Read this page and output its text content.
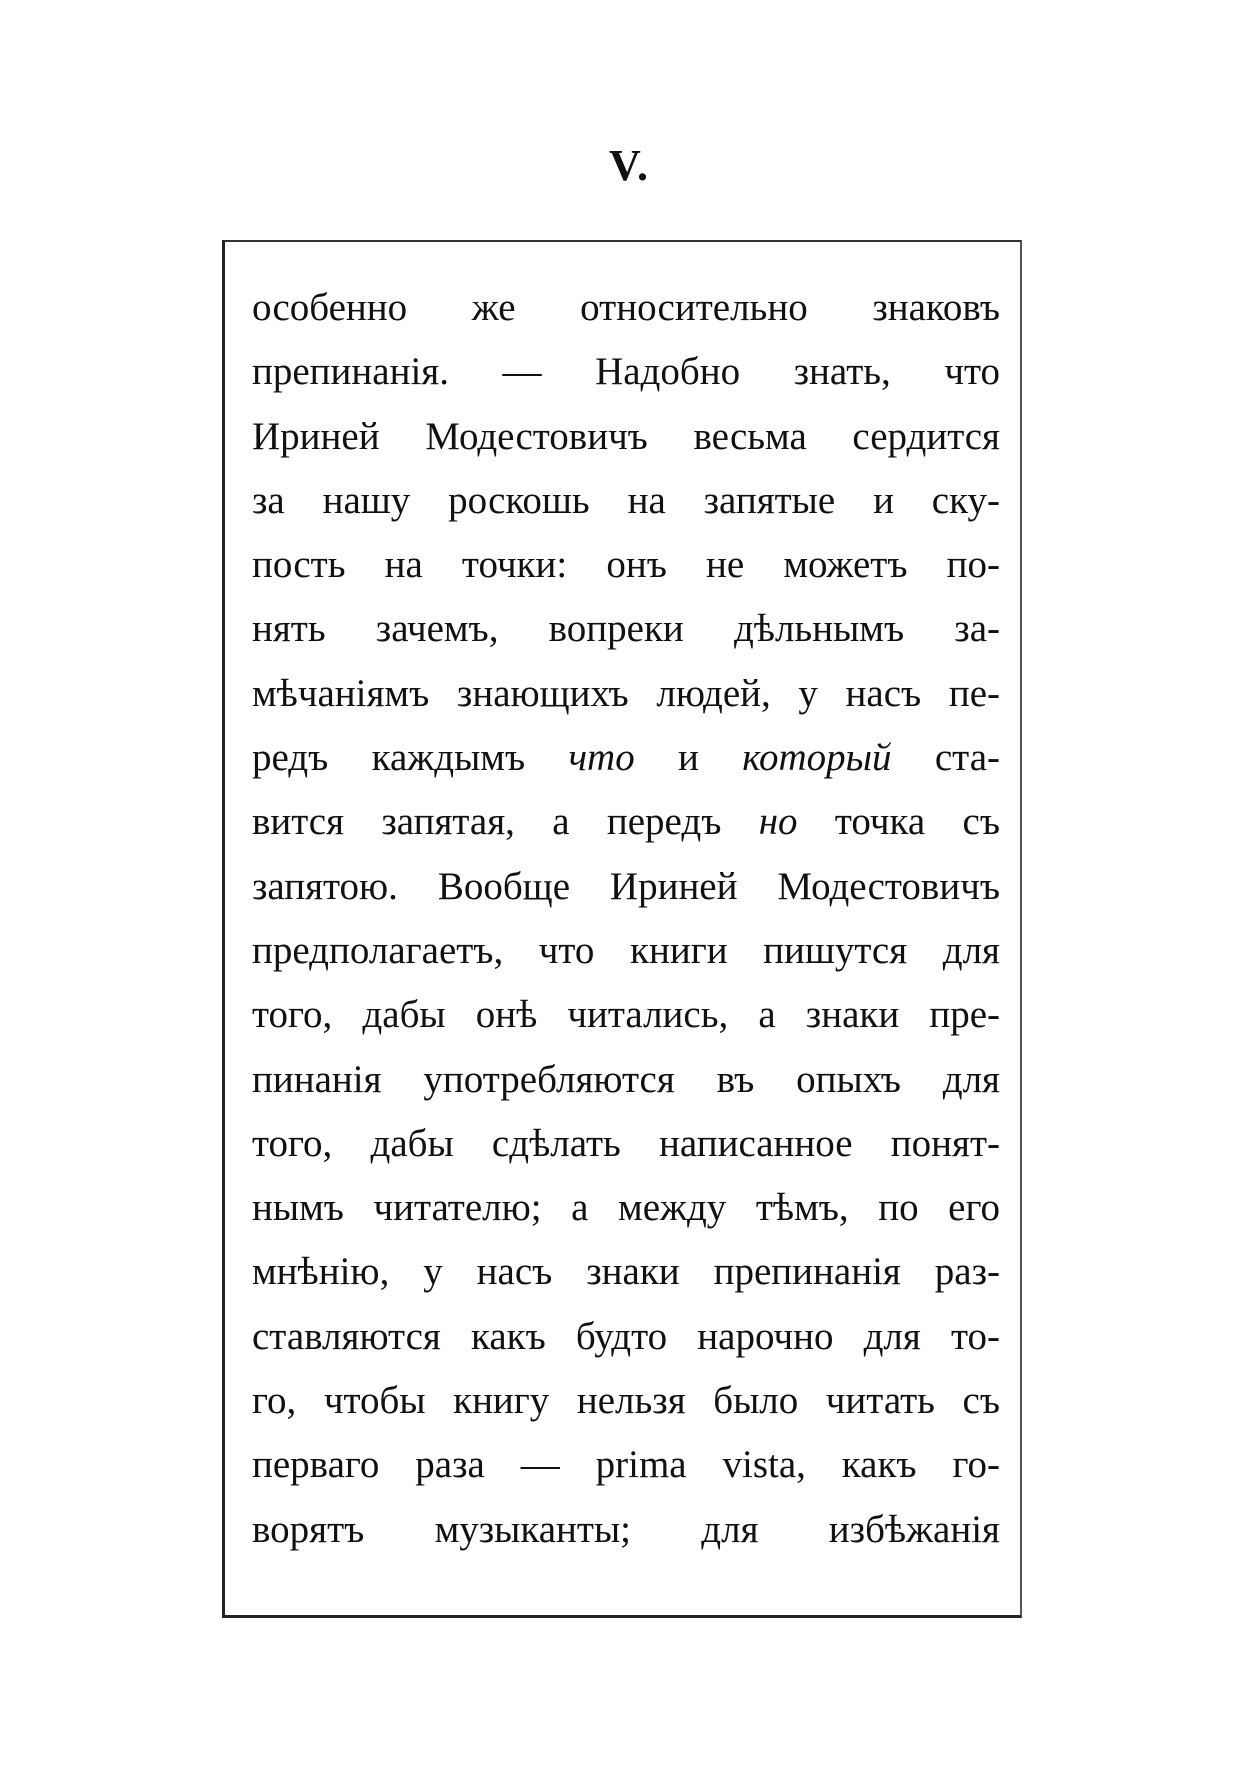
V.
особенно же относительно знаковъ
препинанія. — Надобно знать, что
Ириней Модестовичъ весьма сердится
за нашу роскошь на запятые и ску-
пость на точки: онъ не можетъ по-
нять зачемъ, вопреки дѣльнымъ за-
мѣчаніямъ знающихъ людей, у насъ пе-
редъ каждымъ что и который ста-
вится запятая, а передъ но точка съ
запятою. Вообще Ириней Модестовичъ
предполагаетъ, что книги пишутся для
того, дабы онѣ читались, а знаки пре-
пинанія употребляются въ опыхъ для
того, дабы сдѣлать написанное понят-
нымъ читателю; а между тѣмъ, по его
мнѣнію, у насъ знаки препинанія раз-
ставляются какъ будто нарочно для то-
го, чтобы книгу нельзя было читать съ
перваго раза — prima vista, какъ го-
ворятъ музыканты; для избѣжанія
